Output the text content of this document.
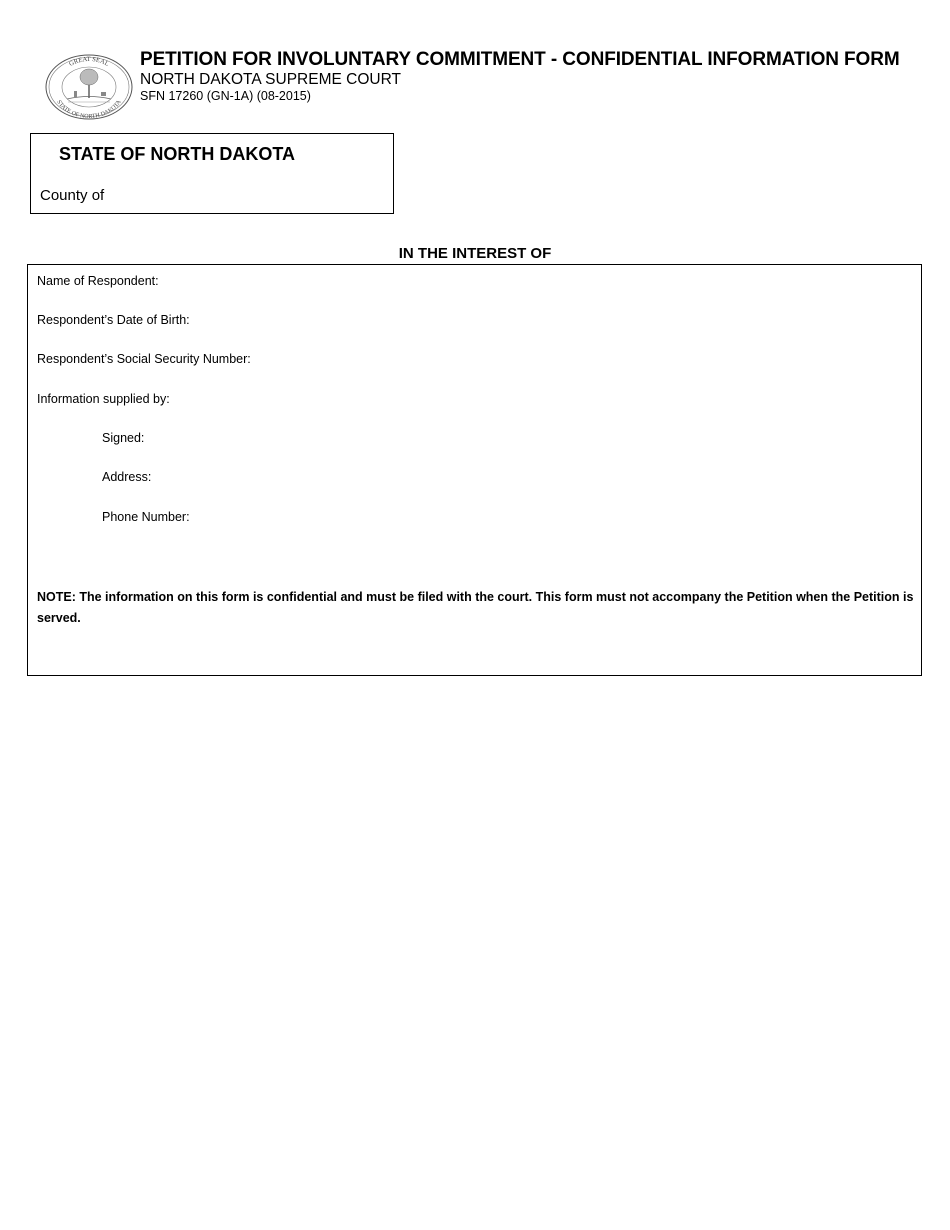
GREAT SEAL
STATE OF NORTH DAKOTA
PETITION FOR INVOLUNTARY COMMITMENT - CONFIDENTIAL INFORMATION FORM
NORTH DAKOTA SUPREME COURT
SFN 17260 (GN-1A) (08-2015)
STATE OF NORTH DAKOTA
County of
IN THE INTEREST OF
Name of Respondent:
Respondent’s Date of Birth:
Respondent’s Social Security Number:
Information supplied by:
Signed:
Address:
Phone Number:
NOTE: The information on this form is confidential and must be filed with the court. This form must not accompany the Petition when the Petition is served.
